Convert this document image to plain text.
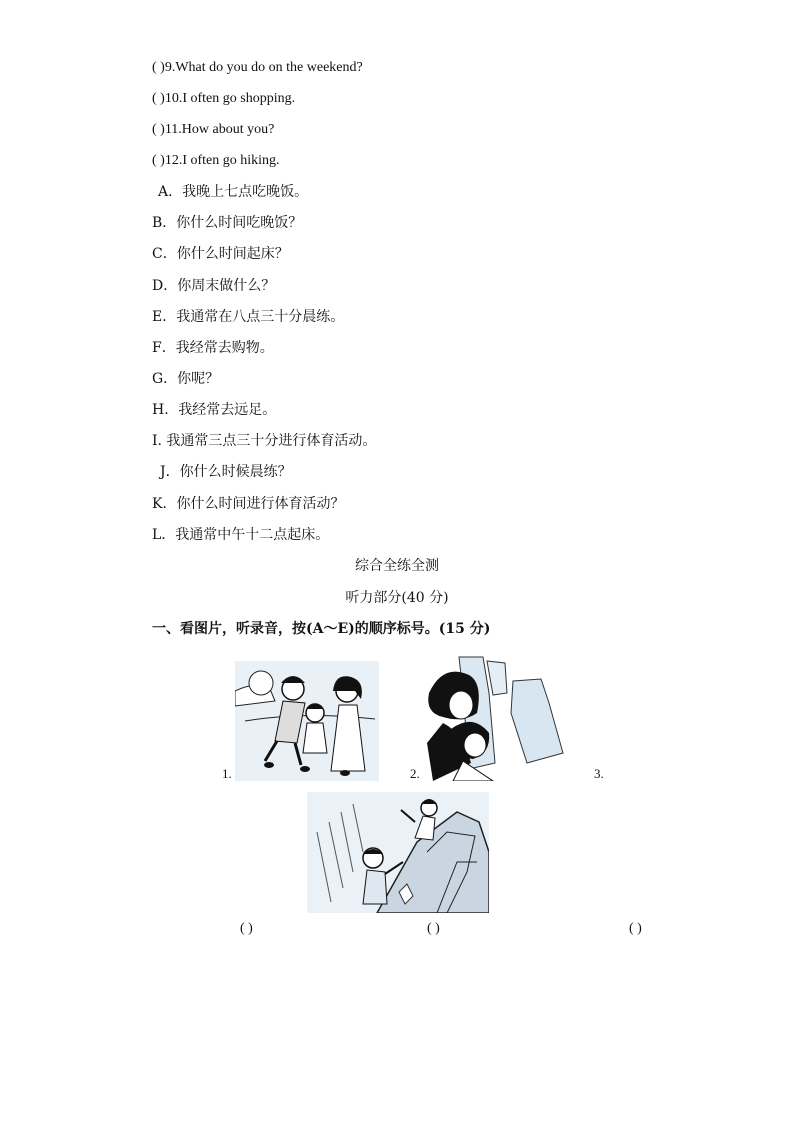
( )9.What do you do on the weekend?
( )10.I often go shopping.
( )11.How about you?
( )12.I often go hiking.
A．我晚上七点吃晚饭。
B．你什么时间吃晚饭？
C．你什么时间起床？
D．你周末做什么？
E．我通常在八点三十分晨练。
F．我经常去购物。
G．你呢？
H．我经常去远足。
I. 我通常三点三十分进行体育活动。
J．你什么时候晨练？
K．你什么时间进行体育活动？
L．我通常中午十二点起床。
综合全练全测
听力部分(40 分)
一、看图片，听录音，按(A～E)的顺序标号。(15 分)
1.	2.	3.
( )	( )	( )
